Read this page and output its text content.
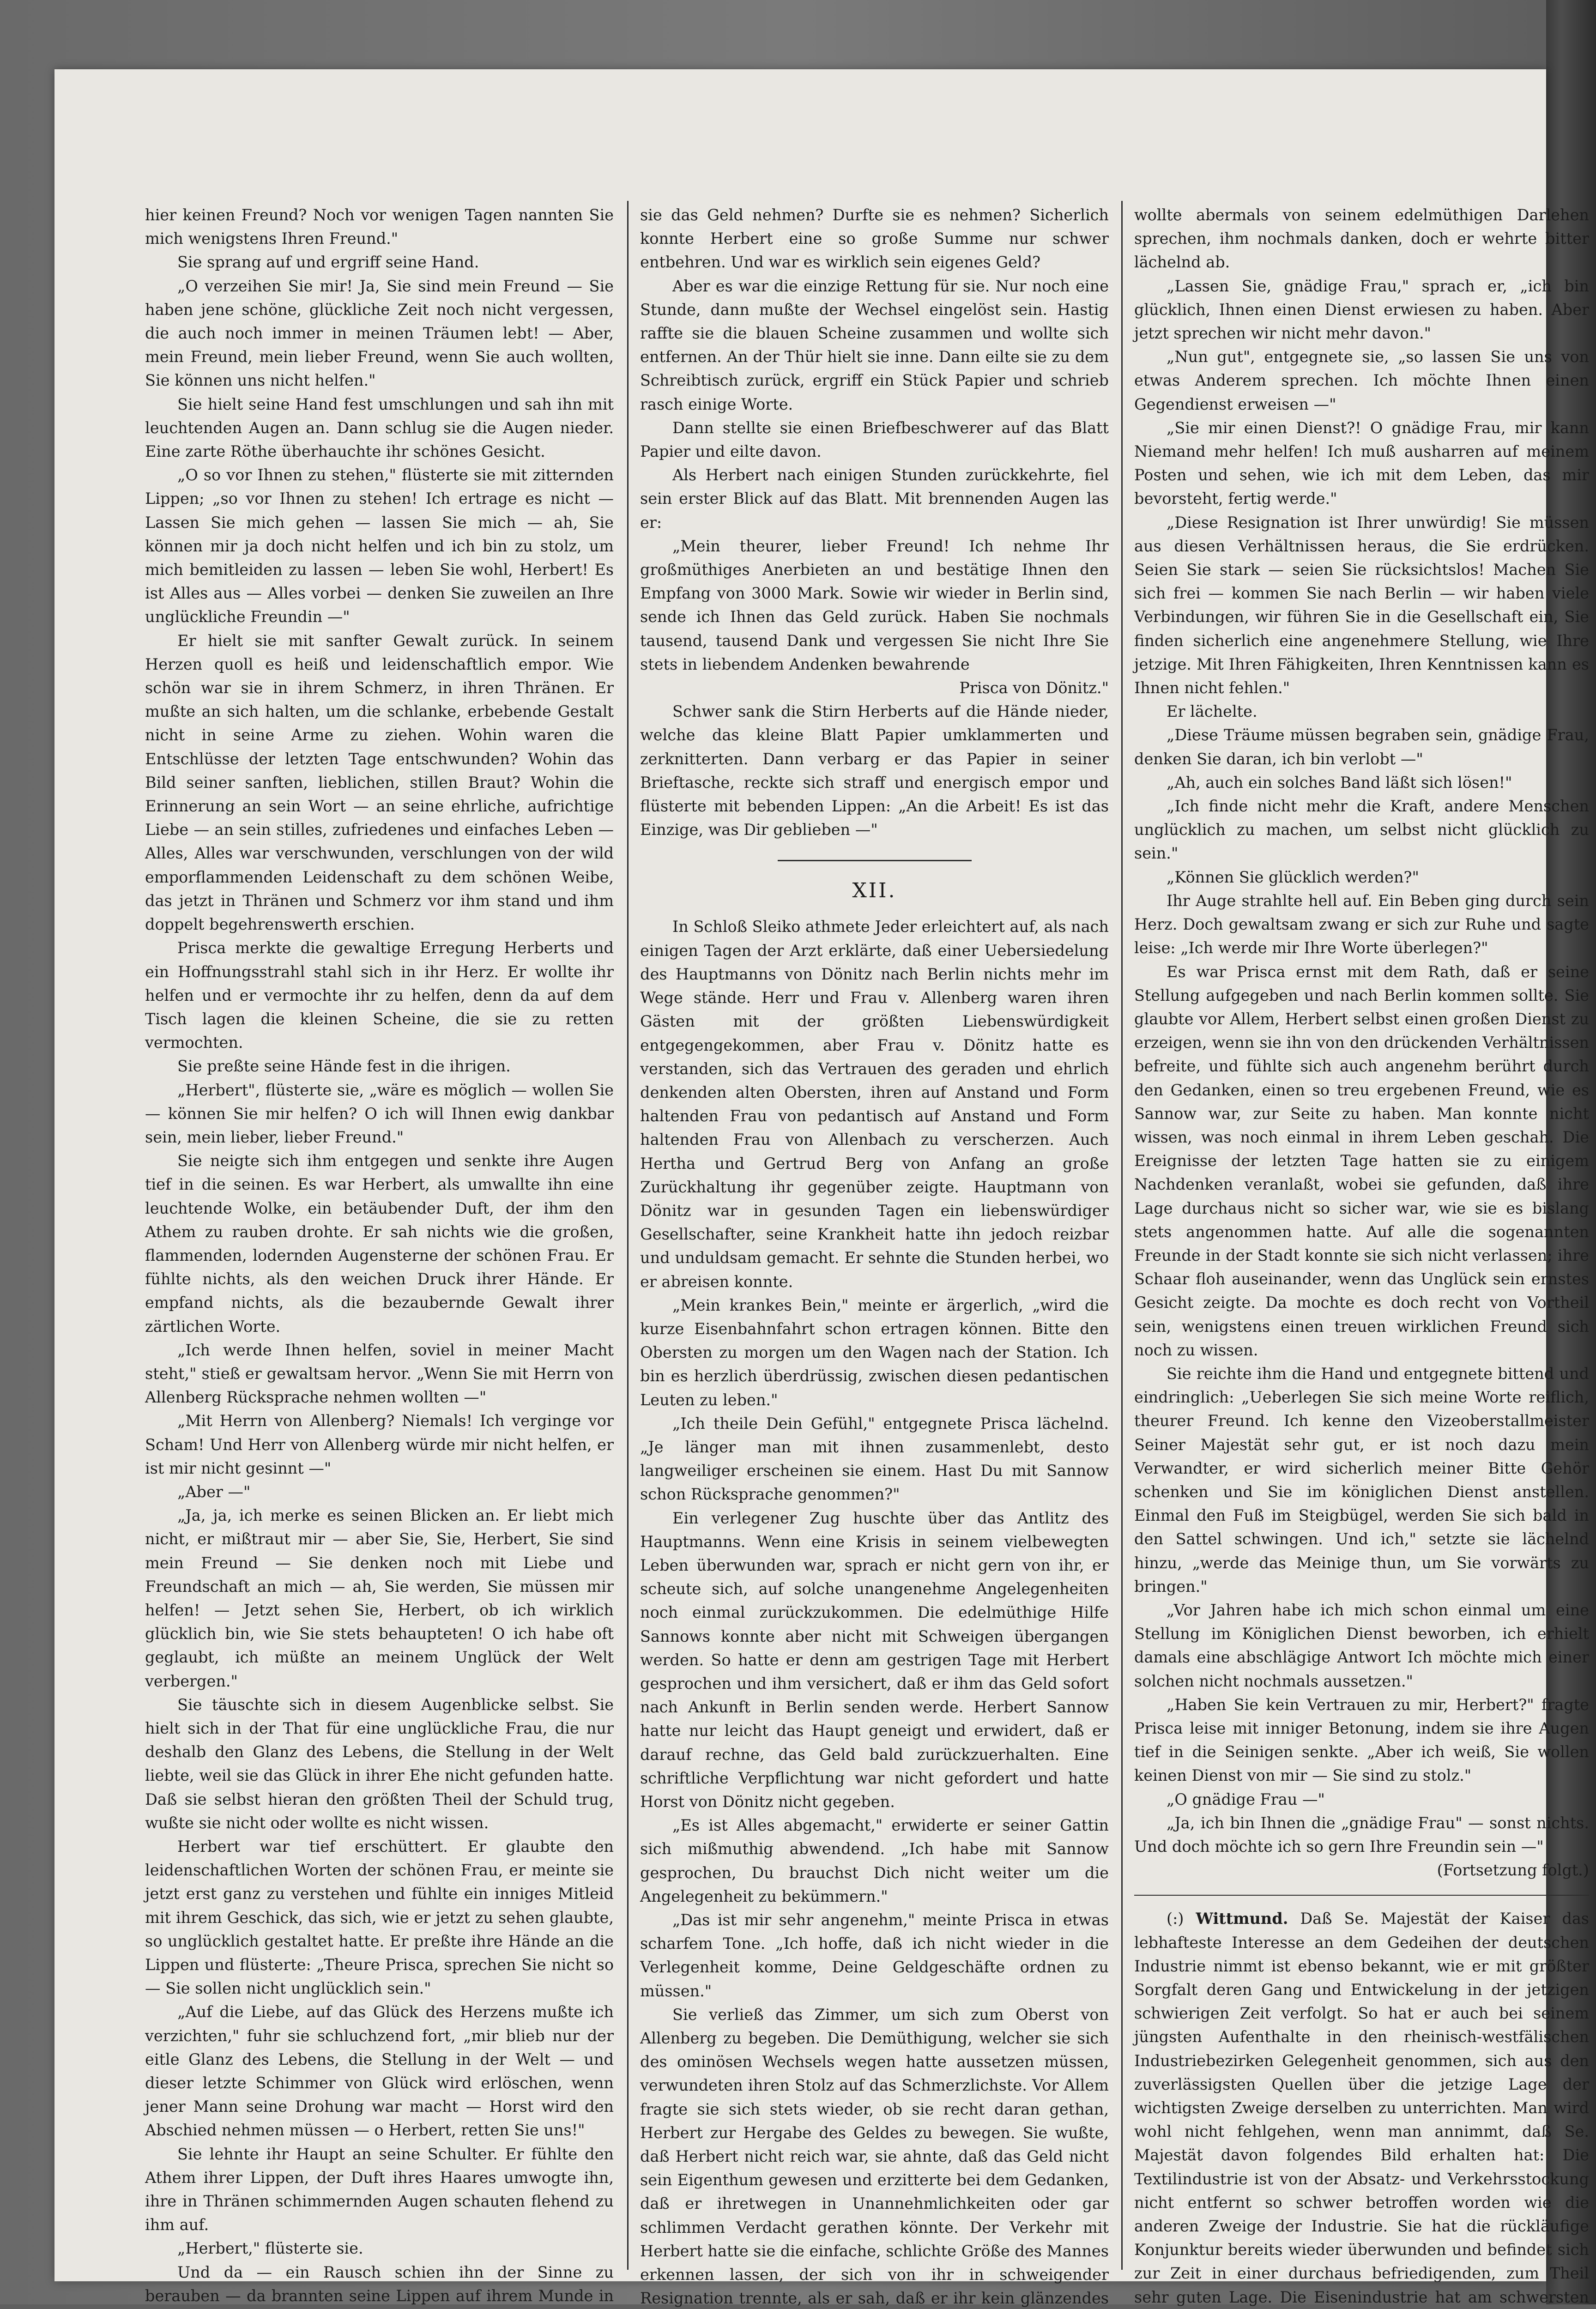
hier keinen Freund? Noch vor wenigen Tagen nannten Sie mich wenigstens Ihren Freund."

Sie sprang auf und ergriff seine Hand.

„O verzeihen Sie mir! Ja, Sie sind mein Freund — Sie haben jene schöne, glückliche Zeit noch nicht vergessen, die auch noch immer in meinen Träumen lebt! — Aber, mein Freund, mein lieber Freund, wenn Sie auch wollten, Sie können uns nicht helfen."

Sie hielt seine Hand fest umschlungen und sah ihn mit leuchtenden Augen an. Dann schlug sie die Augen nieder. Eine zarte Röthe überhauchte ihr schönes Gesicht.

„O so vor Ihnen zu stehen," flüsterte sie mit zitternden Lippen; „so vor Ihnen zu stehen! Ich ertrage es nicht — Lassen Sie mich gehen — lassen Sie mich — ah, Sie können mir ja doch nicht helfen und ich bin zu stolz, um mich bemitleiden zu lassen — leben Sie wohl, Herbert! Es ist Alles aus — Alles vorbei — denken Sie zuweilen an Ihre unglückliche Freundin —"

Er hielt sie mit sanfter Gewalt zurück. In seinem Herzen quoll es heiß und leidenschaftlich empor. Wie schön war sie in ihrem Schmerz, in ihren Thränen. Er mußte an sich halten, um die schlanke, erbebende Gestalt nicht in seine Arme zu ziehen. Wohin waren die Entschlüsse der letzten Tage entschwunden? Wohin das Bild seiner sanften, lieblichen, stillen Braut? Wohin die Erinnerung an sein Wort — an seine ehrliche, aufrichtige Liebe — an sein stilles, zufriedenes und einfaches Leben — Alles, Alles war verschwunden, verschlungen von der wild emporflammenden Leidenschaft zu dem schönen Weibe, das jetzt in Thränen und Schmerz vor ihm stand und ihm doppelt begehrenswerth erschien.

Prisca merkte die gewaltige Erregung Herberts und ein Hoffnungsstrahl stahl sich in ihr Herz. Er wollte ihr helfen und er vermochte ihr zu helfen, denn da auf dem Tisch lagen die kleinen Scheine, die sie zu retten vermochten.

Sie preßte seine Hände fest in die ihrigen.

„Herbert", flüsterte sie, „wäre es möglich — wollen Sie — können Sie mir helfen? O ich will Ihnen ewig dankbar sein, mein lieber, lieber Freund."

Sie neigte sich ihm entgegen und senkte ihre Augen tief in die seinen. Es war Herbert, als umwallte ihn eine leuchtende Wolke, ein betäubender Duft, der ihm den Athem zu rauben drohte. Er sah nichts wie die großen, flammenden, lodernden Augensterne der schönen Frau. Er fühlte nichts, als den weichen Druck ihrer Hände. Er empfand nichts, als die bezaubernde Gewalt ihrer zärtlichen Worte.

„Ich werde Ihnen helfen, soviel in meiner Macht steht," stieß er gewaltsam hervor. „Wenn Sie mit Herrn von Allenberg Rücksprache nehmen wollten —"

„Mit Herrn von Allenberg? Niemals! Ich vergingе vor Scham! Und Herr von Allenberg würde mir nicht helfen, er ist mir nicht gesinnt —"

„Aber —"

„Ja, ja, ich merke es seinen Blicken an. Er liebt mich nicht, er mißtraut mir — aber Sie, Sie, Herbert, Sie sind mein Freund — Sie denken noch mit Liebe und Freundschaft an mich — ah, Sie werden, Sie müssen mir helfen! — Jetzt sehen Sie, Herbert, ob ich wirklich glücklich bin, wie Sie stets behaupteten! O ich habe oft geglaubt, ich müßte an meinem Unglück der Welt verbergen."

Sie täuschte sich in diesem Augenblicke selbst. Sie hielt sich in der That für eine unglückliche Frau, die nur deshalb den Glanz des Lebens, die Stellung in der Welt liebte, weil sie das Glück in ihrer Ehe nicht gefunden hatte. Daß sie selbst hieran den größten Theil der Schuld trug, wußte sie nicht oder wollte es nicht wissen.

Herbert war tief erschüttert. Er glaubte den leidenschaftlichen Worten der schönen Frau, er meinte sie jetzt erst ganz zu verstehen und fühlte ein inniges Mitleid mit ihrem Geschick, das sich, wie er jetzt zu sehen glaubte, so unglücklich gestaltet hatte. Er preßte ihre Hände an die Lippen und flüsterte: „Theure Prisca, sprechen Sie nicht so — Sie sollen nicht unglücklich sein."

„Auf die Liebe, auf das Glück des Herzens mußte ich verzichten," fuhr sie schluchzend fort, „mir blieb nur der eitle Glanz des Lebens, die Stellung in der Welt — und dieser letzte Schimmer von Glück wird erlöschen, wenn jener Mann seine Drohung war macht — Horst wird den Abschied nehmen müssen — o Herbert, retten Sie uns!"

Sie lehnte ihr Haupt an seine Schulter. Er fühlte den Athem ihrer Lippen, der Duft ihres Haares umwogte ihn, ihre in Thränen schimmernden Augen schauten flehend zu ihm auf.

„Herbert," flüsterte sie.

Und da — ein Rausch schien ihn der Sinne zu berauben — da brannten seine Lippen auf ihrem Munde in

sie das Geld nehmen? Durfte sie es nehmen? Sicherlich konnte Herbert eine so große Summe nur schwer entbehren. Und war es wirklich sein eigenes Geld?

Aber es war die einzige Rettung für sie. Nur noch eine Stunde, dann mußte der Wechsel eingelöst sein. Hastig raffte sie die blauen Scheine zusammen und wollte sich entfernen. An der Thür hielt sie inne. Dann eilte sie zu dem Schreibtisch zurück, ergriff ein Stück Papier und schrieb rasch einige Worte.

Dann stellte sie einen Briefbeschwerer auf das Blatt Papier und eilte davon.

Als Herbert nach einigen Stunden zurückkehrte, fiel sein erster Blick auf das Blatt. Mit brennenden Augen las er:

„Mein theurer, lieber Freund! Ich nehme Ihr großmüthiges Anerbieten an und bestätige Ihnen den Empfang von 3000 Mark. Sowie wir wieder in Berlin sind, sende ich Ihnen das Geld zurück. Haben Sie nochmals tausend, tausend Dank und vergessen Sie nicht Ihre Sie stets in liebendem Andenken bewahrende

Prisca von Dönitz."

Schwer sank die Stirn Herberts auf die Hände nieder, welche das kleine Blatt Papier umklammerten und zerknitterten. Dann verbarg er das Papier in seiner Brieftasche, reckte sich straff und energisch empor und flüsterte mit bebenden Lippen: „An die Arbeit! Es ist das Einzige, was Dir geblieben —"

XII.

In Schloß Sleiko athmete Jeder erleichtert auf, als nach einigen Tagen der Arzt erklärte, daß einer Uebersiedelung des Hauptmanns von Dönitz nach Berlin nichts mehr im Wege stände. Herr und Frau v. Allenberg waren ihren Gästen mit der größten Liebenswürdigkeit entgegengekommen, aber Frau v. Dönitz hatte es verstanden, sich das Vertrauen des geraden und ehrlich denkenden alten Obersten, ihren auf Anstand und Form haltenden Frau von pedantisch auf Anstand und Form haltenden Frau von Allenbach zu verscherzen. Auch Hertha und Gertrud Berg von Anfang an große Zurückhaltung ihr gegenüber zeigte. Hauptmann von Dönitz war in gesunden Tagen ein liebenswürdiger Gesellschafter, seine Krankheit hatte ihn jedoch reizbar und unduldsam gemacht. Er sehnte die Stunden herbei, wo er abreisen konnte.

„Mein krankes Bein," meinte er ärgerlich, „wird die kurze Eisenbahnfahrt schon ertragen können. Bitte den Obersten zu morgen um den Wagen nach der Station. Ich bin es herzlich überdrüssig, zwischen diesen pedantischen Leuten zu leben."

„Ich theile Dein Gefühl," entgegnete Prisca lächelnd. „Je länger man mit ihnen zusammenlebt, desto langweiliger erscheinen sie einem. Hast Du mit Sannow schon Rücksprache genommen?"

Ein verlegener Zug huschte über das Antlitz des Hauptmanns. Wenn eine Krisis in seinem vielbewegten Leben überwunden war, sprach er nicht gern von ihr, er scheute sich, auf solche unangenehme Angelegenheiten noch einmal zurückzukommen. Die edelmüthige Hilfe Sannows konnte aber nicht mit Schweigen übergangen werden. So hatte er denn am gestrigen Tage mit Herbert gesprochen und ihm versichert, daß er ihm das Geld sofort nach Ankunft in Berlin senden werde. Herbert Sannow hatte nur leicht das Haupt geneigt und erwidert, daß er darauf rechne, das Geld bald zurückzuerhalten. Eine schriftliche Verpflichtung war nicht gefordert und hatte Horst von Dönitz nicht gegeben.

„Es ist Alles abgemacht," erwiderte er seiner Gattin sich mißmuthig abwendend. „Ich habe mit Sannow gesprochen, Du brauchst Dich nicht weiter um die Angelegenheit zu bekümmern."

„Das ist mir sehr angenehm," meinte Prisca in etwas scharfem Tone. „Ich hoffe, daß ich nicht wieder in die Verlegenheit komme, Deine Geldgeschäfte ordnen zu müssen."

Sie verließ das Zimmer, um sich zum Oberst von Allenberg zu begeben. Die Demüthigung, welcher sie sich des ominösen Wechsels wegen hatte aussetzen müssen, verwundeten ihren Stolz auf das Schmerzlichste. Vor Allem fragte sie sich stets wieder, ob sie recht daran gethan, Herbert zur Hergabe des Geldes zu bewegen. Sie wußte, daß Herbert nicht reich war, sie ahnte, daß das Geld nicht sein Eigenthum gewesen und erzitterte bei dem Gedanken, daß er ihretwegen in Unannehmlichkeiten oder gar schlimmen Verdacht gerathen könnte. Der Verkehr mit Herbert hatte sie die einfache, schlichte Größe des Mannes erkennen lassen, der sich von ihr in schweigender Resignation trennte, als er sah, daß er ihr kein glänzendes

wollte abermals von seinem edelmüthigen Darlehen sprechen, ihm nochmals danken, doch er wehrte bitter lächelnd ab.

„Lassen Sie, gnädige Frau," sprach er, „ich bin glücklich, Ihnen einen Dienst erwiesen zu haben. Aber jetzt sprechen wir nicht mehr davon."

„Nun gut", entgegnete sie, „so lassen Sie uns von etwas Anderem sprechen. Ich möchte Ihnen einen Gegendienst erweisen —"

„Sie mir einen Dienst?! O gnädige Frau, mir kann Niemand mehr helfen! Ich muß ausharren auf meinem Posten und sehen, wie ich mit dem Leben, das mir bevorsteht, fertig werde."

„Diese Resignation ist Ihrer unwürdig! Sie müssen aus diesen Verhältnissen heraus, die Sie erdrücken. Seien Sie stark — seien Sie rücksichtslos! Machen Sie sich frei — kommen Sie nach Berlin — wir haben viele Verbindungen, wir führen Sie in die Gesellschaft ein, Sie finden sicherlich eine angenehmere Stellung, wie Ihre jetzige. Mit Ihren Fähigkeiten, Ihren Kenntnissen kann es Ihnen nicht fehlen."

Er lächelte.

„Diese Träume müssen begraben sein, gnädige Frau, denken Sie daran, ich bin verlobt —"

„Ah, auch ein solches Band läßt sich lösen!"

„Ich finde nicht mehr die Kraft, andere Menschen unglücklich zu machen, um selbst nicht glücklich zu sein."

„Können Sie glücklich werden?"

Ihr Auge strahlte hell auf. Ein Beben ging durch sein Herz. Doch gewaltsam zwang er sich zur Ruhe und sagte leise: „Ich werde mir Ihre Worte überlegen?"

Es war Prisca ernst mit dem Rath, daß er seine Stellung aufgegeben und nach Berlin kommen sollte. Sie glaubte vor Allem, Herbert selbst einen großen Dienst zu erzeigen, wenn sie ihn von den drückenden Verhältnissen befreite, und fühlte sich auch angenehm berührt durch den Gedanken, einen so treu ergebenen Freund, wie es Sannow war, zur Seite zu haben. Man konnte nicht wissen, was noch einmal in ihrem Leben geschah. Die Ereignisse der letzten Tage hatten sie zu einigem Nachdenken veranlaßt, wobei sie gefunden, daß ihre Lage durchaus nicht so sicher war, wie sie es bislang stets angenommen hatte. Auf alle die sogenannten Freunde in der Stadt konnte sie sich nicht verlassen; ihre Schaar floh auseinander, wenn das Unglück sein ernstes Gesicht zeigte. Da mochte es doch recht von Vortheil sein, wenigstens einen treuen wirklichen Freund sich noch zu wissen.

Sie reichte ihm die Hand und entgegnete bittend und eindringlich: „Ueberlegen Sie sich meine Worte reiflich, theurer Freund. Ich kenne den Vizeoberstallmeister Seiner Majestät sehr gut, er ist noch dazu mein Verwandter, er wird sicherlich meiner Bitte Gehör schenken und Sie im königlichen Dienst anstellen. Einmal den Fuß im Steigbügel, werden Sie sich bald in den Sattel schwingen. Und ich," setzte sie lächelnd hinzu, „werde das Meinige thun, um Sie vorwärts zu bringen."

„Vor Jahren habe ich mich schon einmal um eine Stellung im Königlichen Dienst beworben, ich erhielt damals eine abschlägige Antwort Ich möchte mich einer solchen nicht nochmals aussetzen."

„Haben Sie kein Vertrauen zu mir, Herbert?" fragte Prisca leise mit inniger Betonung, indem sie ihre Augen tief in die Seinigen senkte. „Aber ich weiß, Sie wollen keinen Dienst von mir — Sie sind zu stolz."

„O gnädige Frau —"

„Ja, ich bin Ihnen die „gnädige Frau" — sonst nichts. Und doch möchte ich so gern Ihre Freundin sein —"

(Fortsetzung folgt.)

(:) Wittmund. Daß Se. Majestät der Kaiser das lebhafteste Interesse an dem Gedeihen der deutschen Industrie nimmt ist ebenso bekannt, wie er mit größter Sorgfalt deren Gang und Entwickelung in der jetzigen schwierigen Zeit verfolgt. So hat er auch bei seinem jüngsten Aufenthalte in den rheinisch-westfälischen Industriebezirken Gelegenheit genommen, sich aus den zuverlässigsten Quellen über die jetzige Lage der wichtigsten Zweige derselben zu unterrichten. Man wird wohl nicht fehlgehen, wenn man annimmt, daß Se. Majestät davon folgendes Bild erhalten hat: Die Textilindustrie ist von der Absatz- und Verkehrsstockung nicht entfernt so schwer betroffen worden wie die anderen Zweige der Industrie. Sie hat die rückläufige Konjunktur bereits wieder überwunden und befindet sich zur Zeit in einer durchaus befriedigenden, zum Theil sehr guten Lage. Die Eisenindustrie hat am schwersten
